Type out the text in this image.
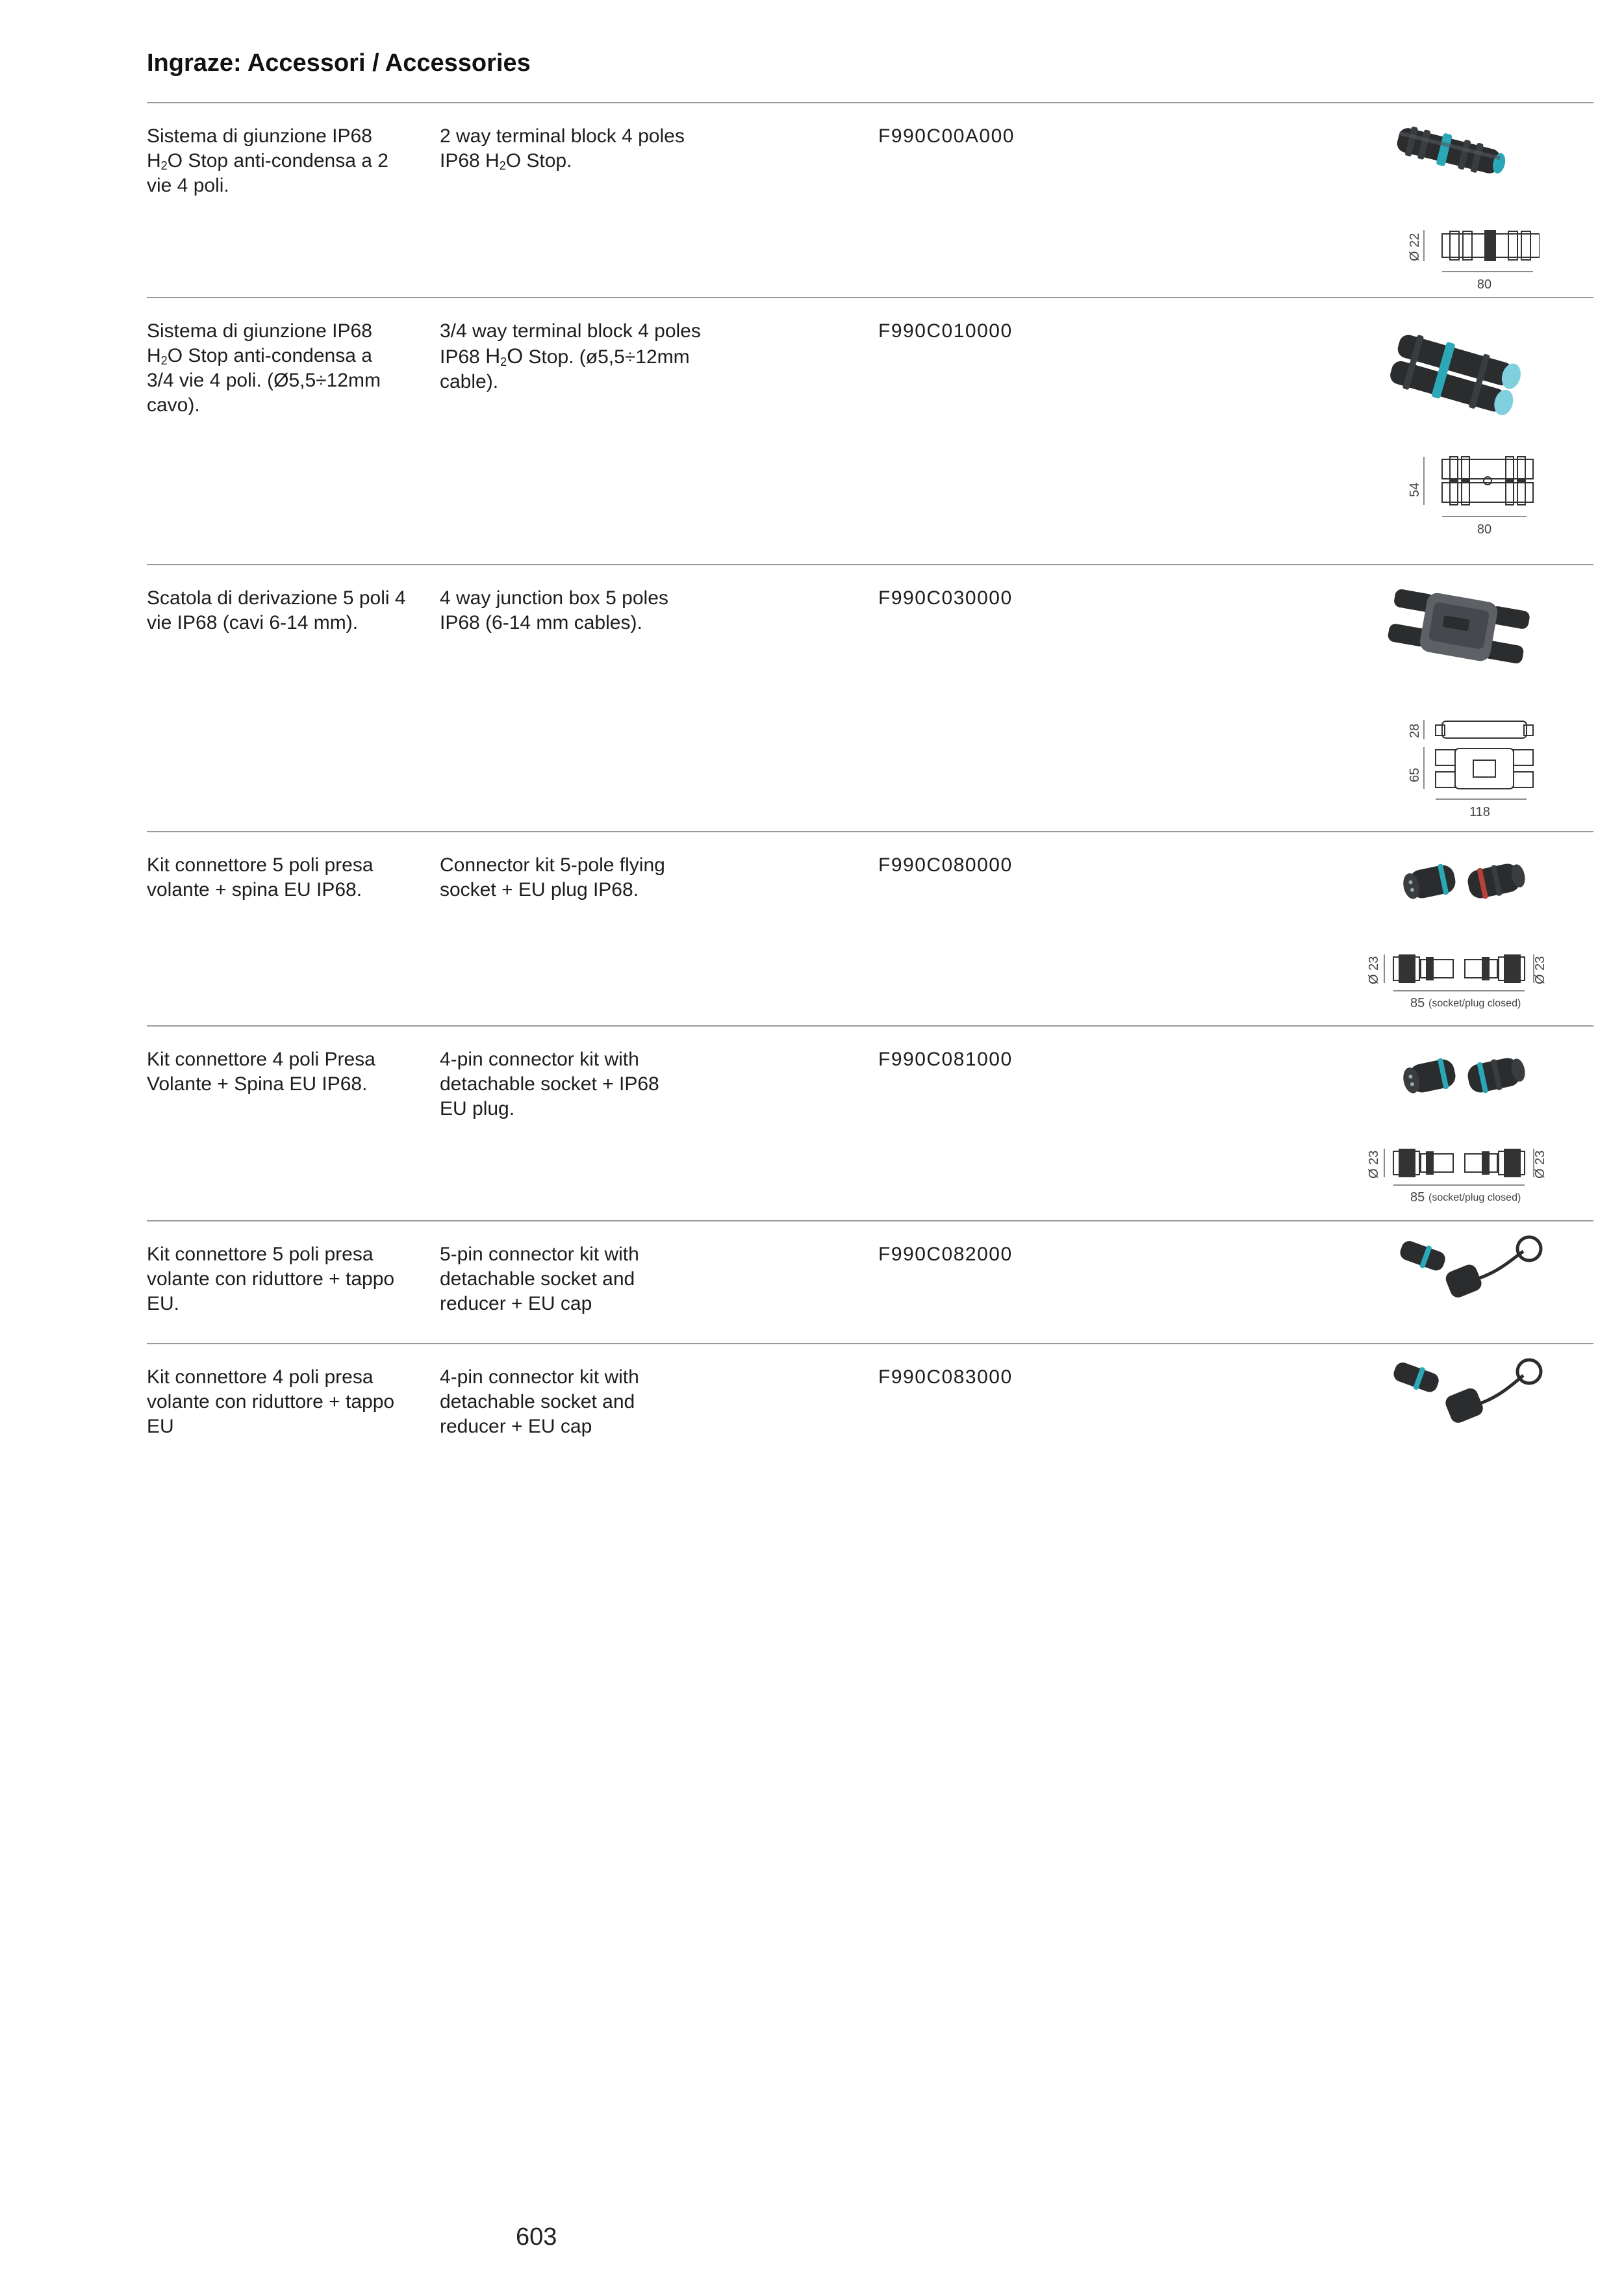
Ingraze: Accessori / Accessories
Sistema di giunzione IP68
$H_2O$ Stop anti-condensa a 2
vie 4 poli.
2 way terminal block 4 poles
IP68 $H_2O$ Stop.
F990C00A000
Ø 22
80
Sistema di giunzione IP68
$H_2O$ Stop anti-condensa a
3/4 vie 4 poli. (Ø5,5÷12mm
cavo).
3/4 way terminal block 4 poles
IP68 $H_2O$ Stop. (ø5,5÷12mm
cable).
F990C010000
54
80
Scatola di derivazione 5 poli 4
vie IP68 (cavi 6-14 mm).
4 way junction box 5 poles
IP68 (6-14 mm cables).
F990C030000
28
65
118
Kit connettore 5 poli presa
volante + spina EU IP68.
Connector kit 5-pole flying
socket + EU plug IP68.
F990C080000
Ø 23	Ø 23
85 (socket/plug closed)
Kit connettore 4 poli Presa
Volante + Spina EU IP68.
4-pin connector kit with
detachable socket + IP68
EU plug.
F990C081000
Ø 23	Ø 23
85 (socket/plug closed)
Kit connettore 5 poli presa
volante con riduttore + tappo
EU.
5-pin connector kit with
detachable socket and
reducer + EU cap
F990C082000
Kit connettore 4 poli presa
volante con riduttore + tappo
EU
4-pin connector kit with
detachable socket and
reducer + EU cap
F990C083000
603
